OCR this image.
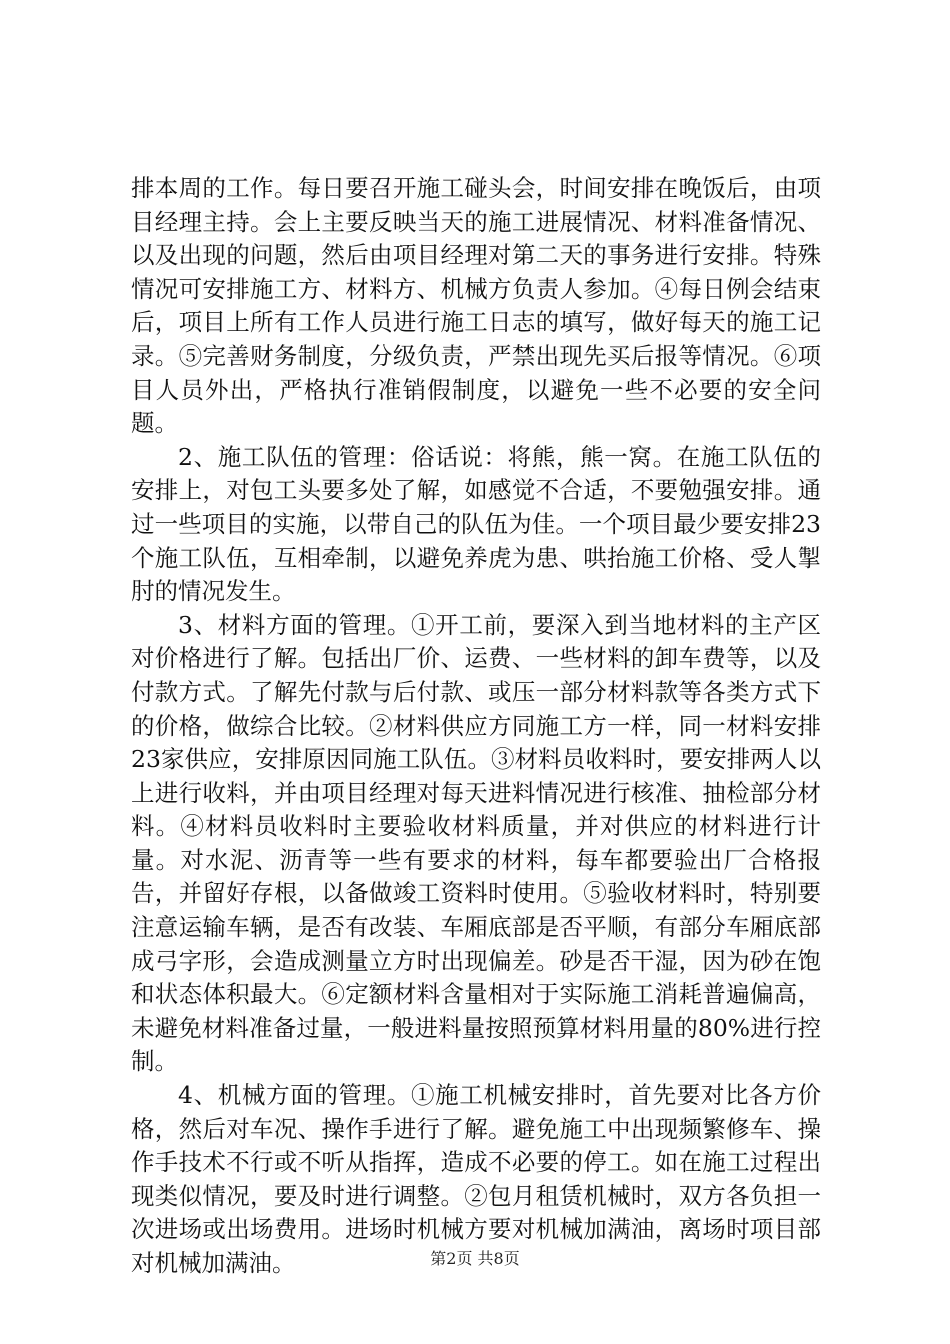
排本周的工作。每日要召开施工碰头会，时间安排在晚饭后，由项目经理主持。会上主要反映当天的施工进展情况、材料准备情况、以及出现的问题，然后由项目经理对第二天的事务进行安排。特殊情况可安排施工方、材料方、机械方负责人参加。④每日例会结束后，项目上所有工作人员进行施工日志的填写，做好每天的施工记录。⑤完善财务制度，分级负责，严禁出现先买后报等情况。⑥项目人员外出，严格执行准销假制度，以避免一些不必要的安全问题。

2、施工队伍的管理：俗话说：将熊，熊一窝。在施工队伍的安排上，对包工头要多处了解，如感觉不合适，不要勉强安排。通过一些项目的实施，以带自己的队伍为佳。一个项目最少要安排23个施工队伍，互相牵制，以避免养虎为患、哄抬施工价格、受人掣肘的情况发生。

3、材料方面的管理。①开工前，要深入到当地材料的主产区对价格进行了解。包括出厂价、运费、一些材料的卸车费等，以及付款方式。了解先付款与后付款、或压一部分材料款等各类方式下的价格，做综合比较。②材料供应方同施工方一样，同一材料安排23家供应，安排原因同施工队伍。③材料员收料时，要安排两人以上进行收料，并由项目经理对每天进料情况进行核准、抽检部分材料。④材料员收料时主要验收材料质量，并对供应的材料进行计量。对水泥、沥青等一些有要求的材料，每车都要验出厂合格报告，并留好存根，以备做竣工资料时使用。⑤验收材料时，特别要注意运输车辆，是否有改装、车厢底部是否平顺，有部分车厢底部成弓字形，会造成测量立方时出现偏差。砂是否干湿，因为砂在饱和状态体积最大。⑥定额材料含量相对于实际施工消耗普遍偏高，未避免材料准备过量，一般进料量按照预算材料用量的80%进行控制。

4、机械方面的管理。①施工机械安排时，首先要对比各方价格，然后对车况、操作手进行了解。避免施工中出现频繁修车、操作手技术不行或不听从指挥，造成不必要的停工。如在施工过程出现类似情况，要及时进行调整。②包月租赁机械时，双方各负担一次进场或出场费用。进场时机械方要对机械加满油，离场时项目部对机械加满油。	第2页 共8页
